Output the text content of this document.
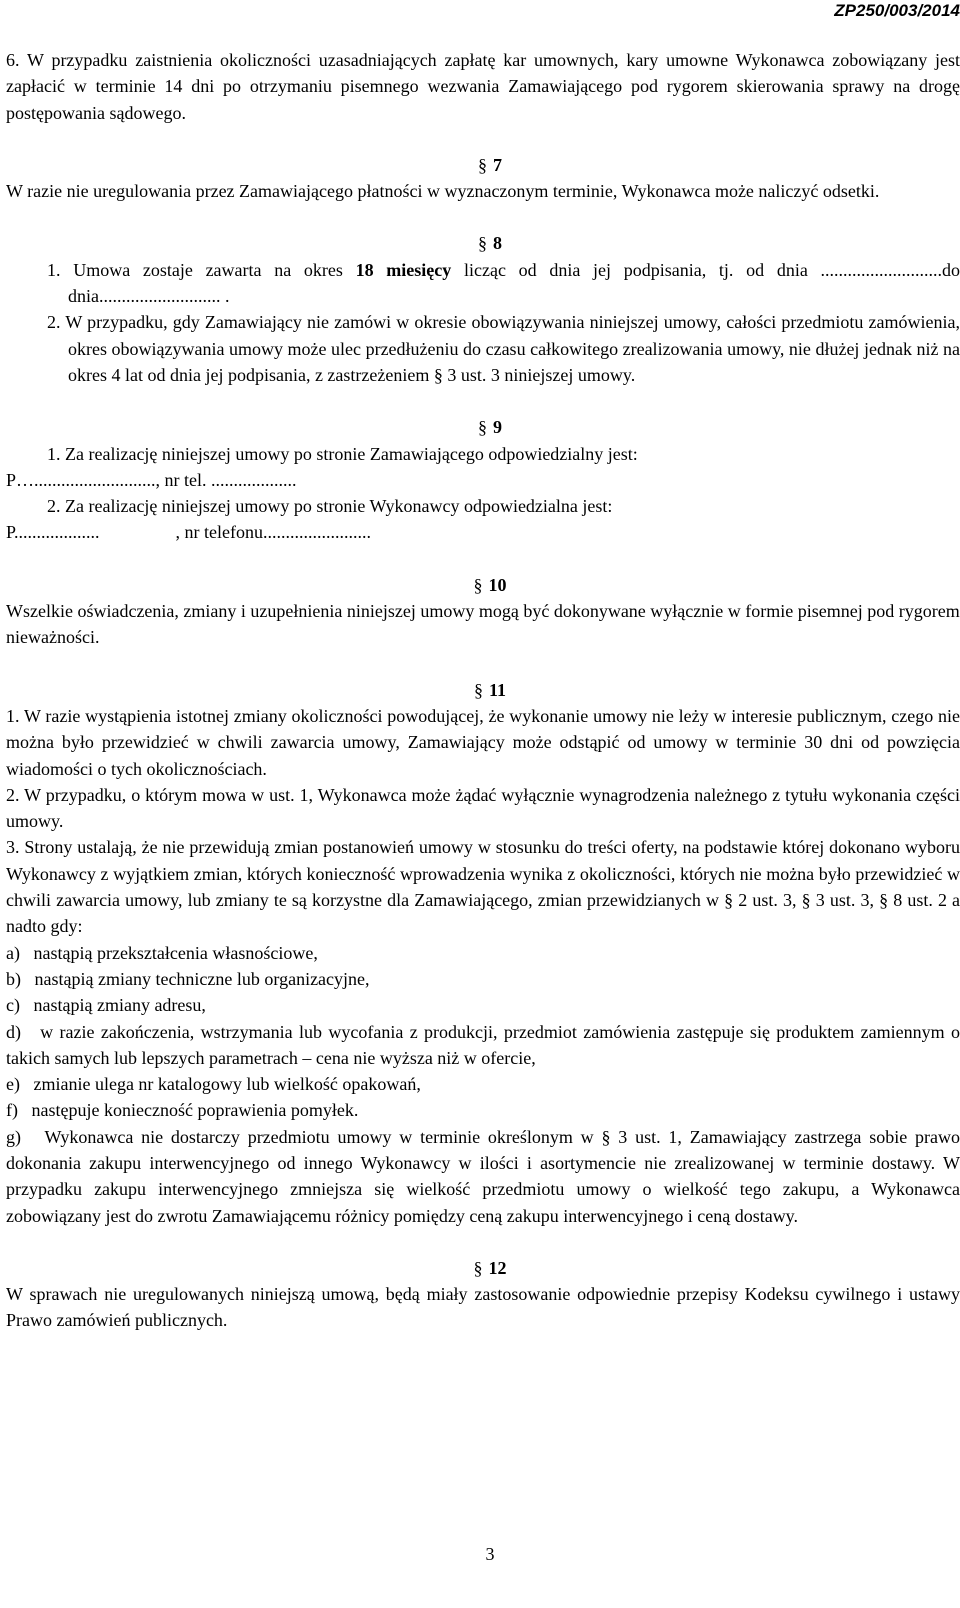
ZP250/003/2014

6. W przypadku zaistnienia okoliczności uzasadniających zapłatę kar umownych, kary umowne Wykonawca zobowiązany jest zapłacić w terminie 14 dni po otrzymaniu pisemnego wezwania Zamawiającego pod rygorem skierowania sprawy na drogę postępowania sądowego.

§ 7

W razie nie uregulowania przez Zamawiającego płatności w wyznaczonym terminie, Wykonawca może naliczyć odsetki.

§ 8

1. Umowa zostaje zawarta na okres 18 miesięcy licząc od dnia jej podpisania, tj. od dnia ...........................do dnia........................... .

2. W przypadku, gdy Zamawiający nie zamówi w okresie obowiązywania niniejszej umowy, całości przedmiotu zamówienia, okres obowiązywania umowy może ulec przedłużeniu do czasu całkowitego zrealizowania umowy, nie dłużej jednak niż na okres 4 lat od dnia jej podpisania, z zastrzeżeniem § 3 ust. 3 niniejszej umowy.

§ 9

1. Za realizację niniejszej umowy po stronie Zamawiającego odpowiedzialny jest:

P…..........................., nr tel. ...................

2. Za realizację niniejszej umowy po stronie Wykonawcy odpowiedzialna jest:

P...................	, nr telefonu........................

§ 10

Wszelkie oświadczenia, zmiany i uzupełnienia niniejszej umowy mogą być dokonywane wyłącznie w formie pisemnej pod rygorem nieważności.

§ 11

1. W razie wystąpienia istotnej zmiany okoliczności powodującej, że wykonanie umowy nie leży w interesie publicznym, czego nie można było przewidzieć w chwili zawarcia umowy, Zamawiający może odstąpić od umowy w terminie 30 dni od powzięcia wiadomości o tych okolicznościach.

2. W przypadku, o którym mowa w ust. 1, Wykonawca może żądać wyłącznie wynagrodzenia należnego z tytułu wykonania części umowy.

3. Strony ustalają, że nie przewidują zmian postanowień umowy w stosunku do treści oferty, na podstawie której dokonano wyboru Wykonawcy z wyjątkiem zmian, których konieczność wprowadzenia wynika z okoliczności, których nie można było przewidzieć w chwili zawarcia umowy, lub zmiany te są korzystne dla Zamawiającego, zmian przewidzianych w § 2 ust. 3, § 3 ust. 3, § 8 ust. 2 a nadto gdy:

a) nastąpią przekształcenia własnościowe,

b) nastąpią zmiany techniczne lub organizacyjne,

c) nastąpią zmiany adresu,

d) w razie zakończenia, wstrzymania lub wycofania z produkcji, przedmiot zamówienia zastępuje się produktem zamiennym o takich samych lub lepszych parametrach – cena nie wyższa niż w ofercie,

e) zmianie ulega nr katalogowy lub wielkość opakowań,

f) następuje konieczność poprawienia pomyłek.

g) Wykonawca nie dostarczy przedmiotu umowy w terminie określonym w § 3 ust. 1, Zamawiający zastrzega sobie prawo dokonania zakupu interwencyjnego od innego Wykonawcy w ilości i asortymencie nie zrealizowanej w terminie dostawy. W przypadku zakupu interwencyjnego zmniejsza się wielkość przedmiotu umowy o wielkość tego zakupu, a Wykonawca zobowiązany jest do zwrotu Zamawiającemu różnicy pomiędzy ceną zakupu interwencyjnego i ceną dostawy.

§ 12

W sprawach nie uregulowanych niniejszą umową, będą miały zastosowanie odpowiednie przepisy Kodeksu cywilnego i ustawy Prawo zamówień publicznych.

3
